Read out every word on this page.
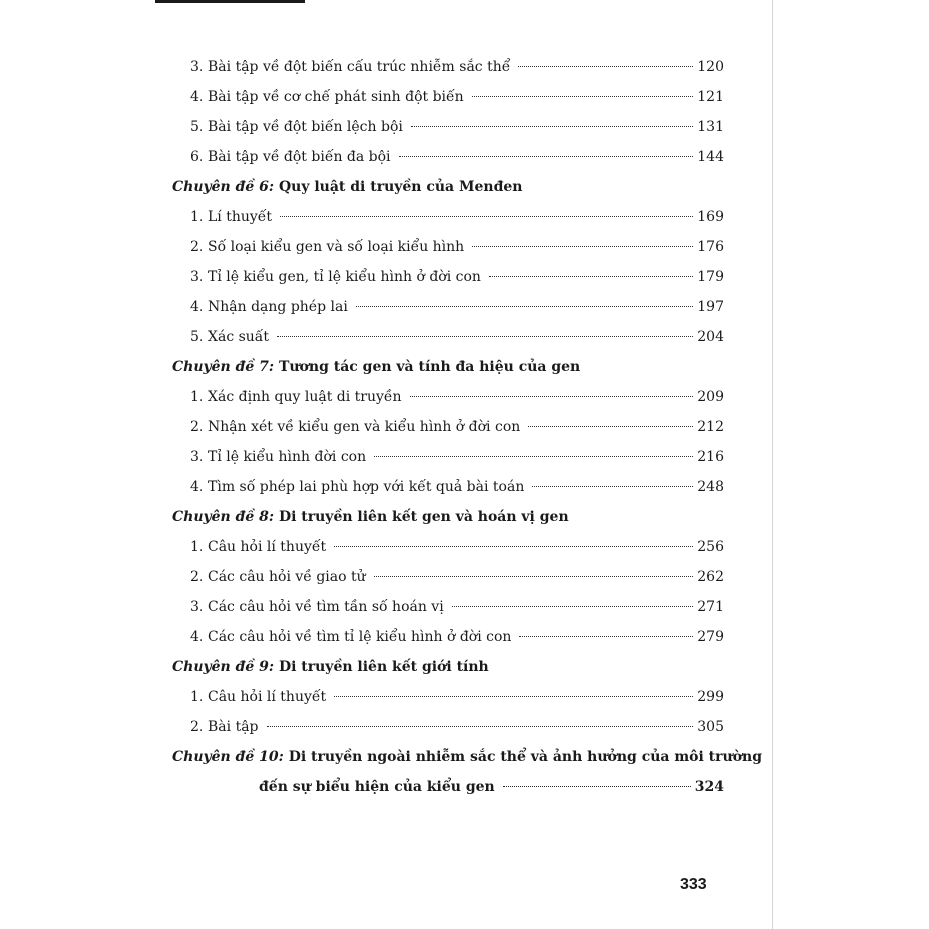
3. Bài tập về đột biến cấu trúc nhiễm sắc thể	120
4. Bài tập về cơ chế phát sinh đột biến	121
5. Bài tập về đột biến lệch bội	131
6. Bài tập về đột biến đa bội	144
Chuyên đề 6: Quy luật di truyền của Menđen
1. Lí thuyết	169
2. Số loại kiểu gen và số loại kiểu hình	176
3. Tỉ lệ kiểu gen, tỉ lệ kiểu hình ở đời con	179
4. Nhận dạng phép lai	197
5. Xác suất	204
Chuyên đề 7: Tương tác gen và tính đa hiệu của gen
1. Xác định quy luật di truyền	209
2. Nhận xét về kiểu gen và kiểu hình ở đời con	212
3. Tỉ lệ kiểu hình đời con	216
4. Tìm số phép lai phù hợp với kết quả bài toán	248
Chuyên đề 8: Di truyền liên kết gen và hoán vị gen
1. Câu hỏi lí thuyết	256
2. Các câu hỏi về giao tử	262
3. Các câu hỏi về tìm tần số hoán vị	271
4. Các câu hỏi về tìm tỉ lệ kiểu hình ở đời con	279
Chuyên đề 9: Di truyền liên kết giới tính
1. Câu hỏi lí thuyết	299
2. Bài tập	305
Chuyên đề 10: Di truyền ngoài nhiễm sắc thể và ảnh hưởng của môi trường
đến sự biểu hiện của kiểu gen	324
333
